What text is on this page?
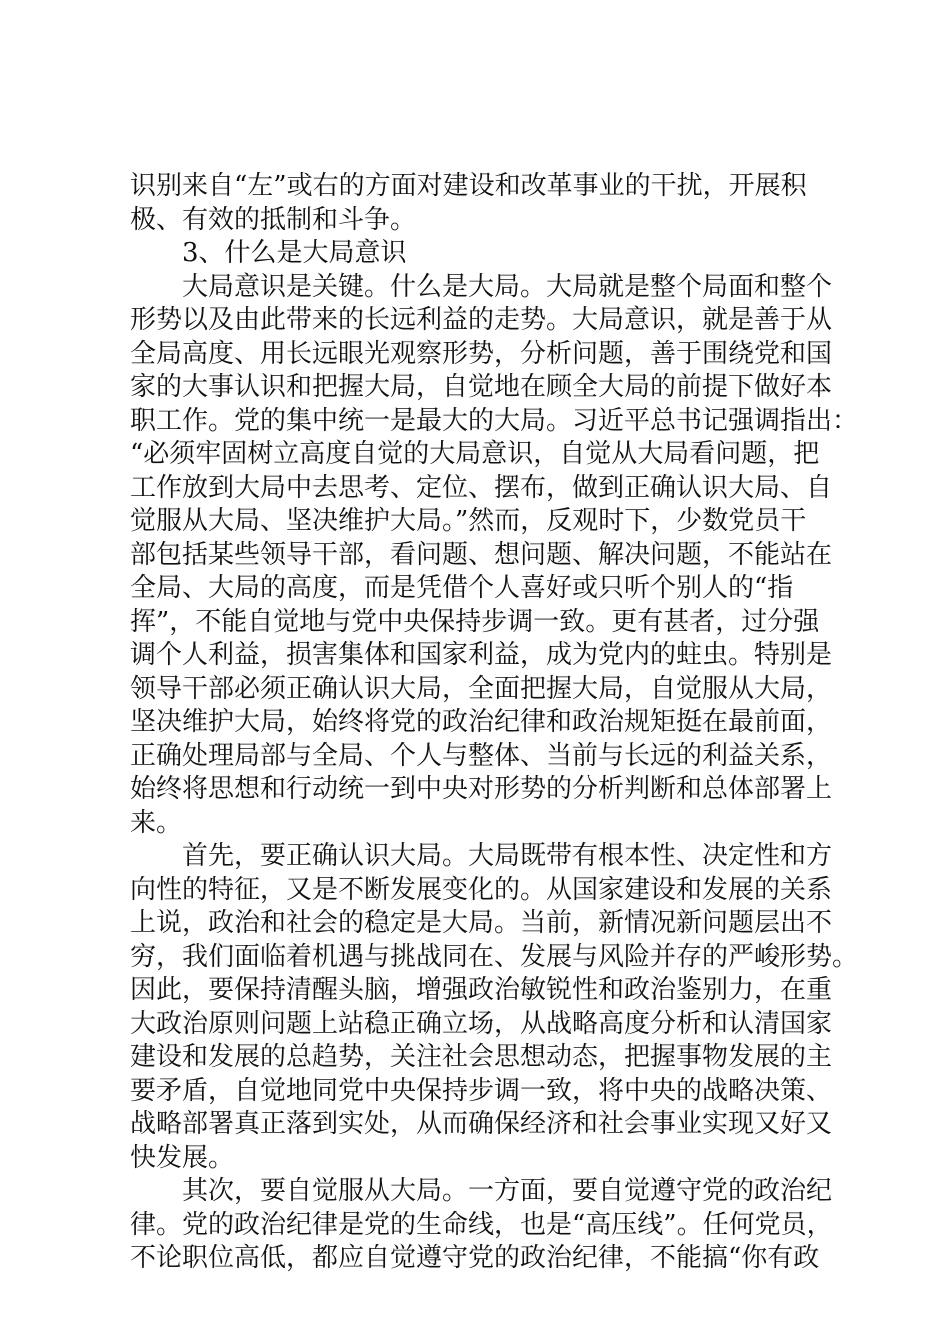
识别来自“左”或右的方面对建设和改革事业的干扰，开展积
极、有效的抵制和斗争。
　　3、什么是大局意识
　　大局意识是关键。什么是大局。大局就是整个局面和整个
形势以及由此带来的长远利益的走势。大局意识，就是善于从
全局高度、用长远眼光观察形势，分析问题，善于围绕党和国
家的大事认识和把握大局，自觉地在顾全大局的前提下做好本
职工作。党的集中统一是最大的大局。习近平总书记强调指出：
“必须牢固树立高度自觉的大局意识，自觉从大局看问题，把
工作放到大局中去思考、定位、摆布，做到正确认识大局、自
觉服从大局、坚决维护大局。”然而，反观时下，少数党员干
部包括某些领导干部，看问题、想问题、解决问题，不能站在
全局、大局的高度，而是凭借个人喜好或只听个别人的“指
挥”，不能自觉地与党中央保持步调一致。更有甚者，过分强
调个人利益，损害集体和国家利益，成为党内的蛀虫。特别是
领导干部必须正确认识大局，全面把握大局，自觉服从大局，
坚决维护大局，始终将党的政治纪律和政治规矩挺在最前面，
正确处理局部与全局、个人与整体、当前与长远的利益关系，
始终将思想和行动统一到中央对形势的分析判断和总体部署上
来。
　　首先，要正确认识大局。大局既带有根本性、决定性和方
向性的特征，又是不断发展变化的。从国家建设和发展的关系
上说，政治和社会的稳定是大局。当前，新情况新问题层出不
穷，我们面临着机遇与挑战同在、发展与风险并存的严峻形势。
因此，要保持清醒头脑，增强政治敏锐性和政治鉴别力，在重
大政治原则问题上站稳正确立场，从战略高度分析和认清国家
建设和发展的总趋势，关注社会思想动态，把握事物发展的主
要矛盾，自觉地同党中央保持步调一致，将中央的战略决策、
战略部署真正落到实处，从而确保经济和社会事业实现又好又
快发展。
　　其次，要自觉服从大局。一方面，要自觉遵守党的政治纪
律。党的政治纪律是党的生命线，也是“高压线”。任何党员，
不论职位高低，都应自觉遵守党的政治纪律，不能搞“你有政
